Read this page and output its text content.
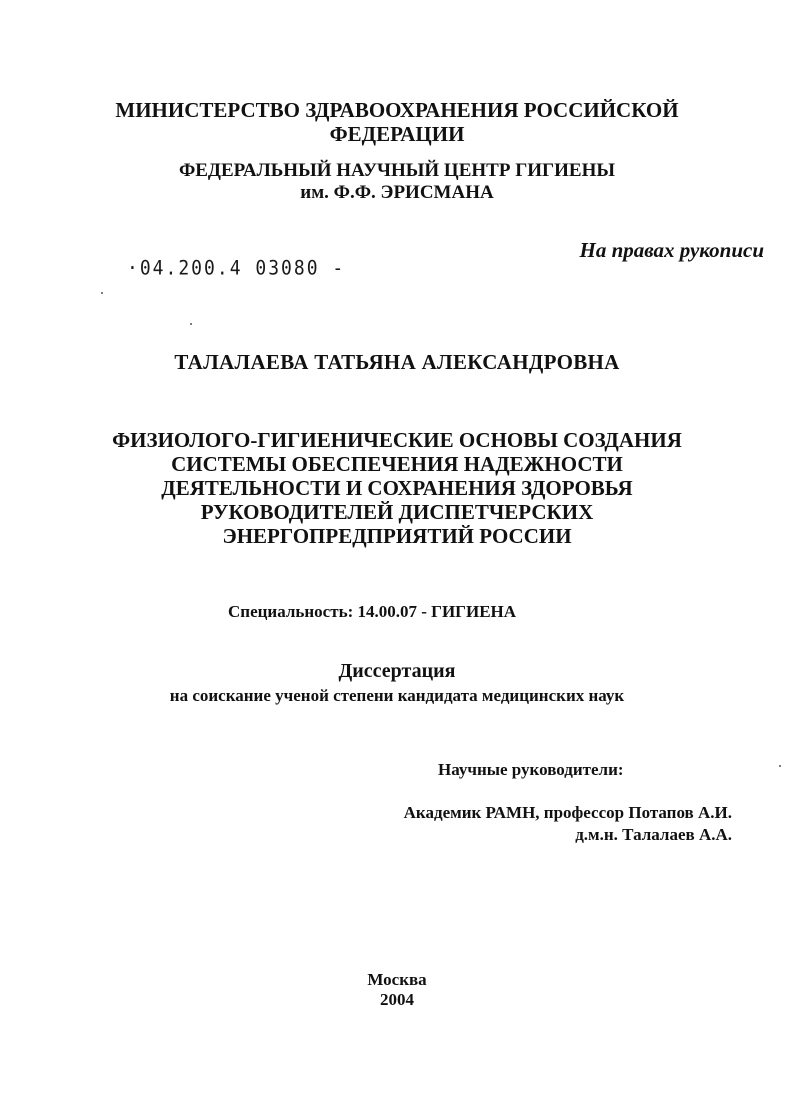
МИНИСТЕРСТВО ЗДРАВООХРАНЕНИЯ РОССИЙСКОЙ
ФЕДЕРАЦИИ
ФЕДЕРАЛЬНЫЙ НАУЧНЫЙ ЦЕНТР ГИГИЕНЫ
им. Ф.Ф. ЭРИСМАНА
На правах рукописи
·04.200.4 03080 -
ТАЛАЛАЕВА ТАТЬЯНА АЛЕКСАНДРОВНА
ФИЗИОЛОГО-ГИГИЕНИЧЕСКИЕ ОСНОВЫ СОЗДАНИЯ
СИСТЕМЫ ОБЕСПЕЧЕНИЯ НАДЕЖНОСТИ
ДЕЯТЕЛЬНОСТИ И СОХРАНЕНИЯ ЗДОРОВЬЯ
РУКОВОДИТЕЛЕЙ ДИСПЕТЧЕРСКИХ
ЭНЕРГОПРЕДПРИЯТИЙ РОССИИ
Специальность: 14.00.07 - ГИГИЕНА
Диссертация
на соискание ученой степени кандидата медицинских наук
Научные руководители:
Академик РАМН, профессор Потапов А.И.
д.м.н. Талалаев А.А.
Москва
2004
